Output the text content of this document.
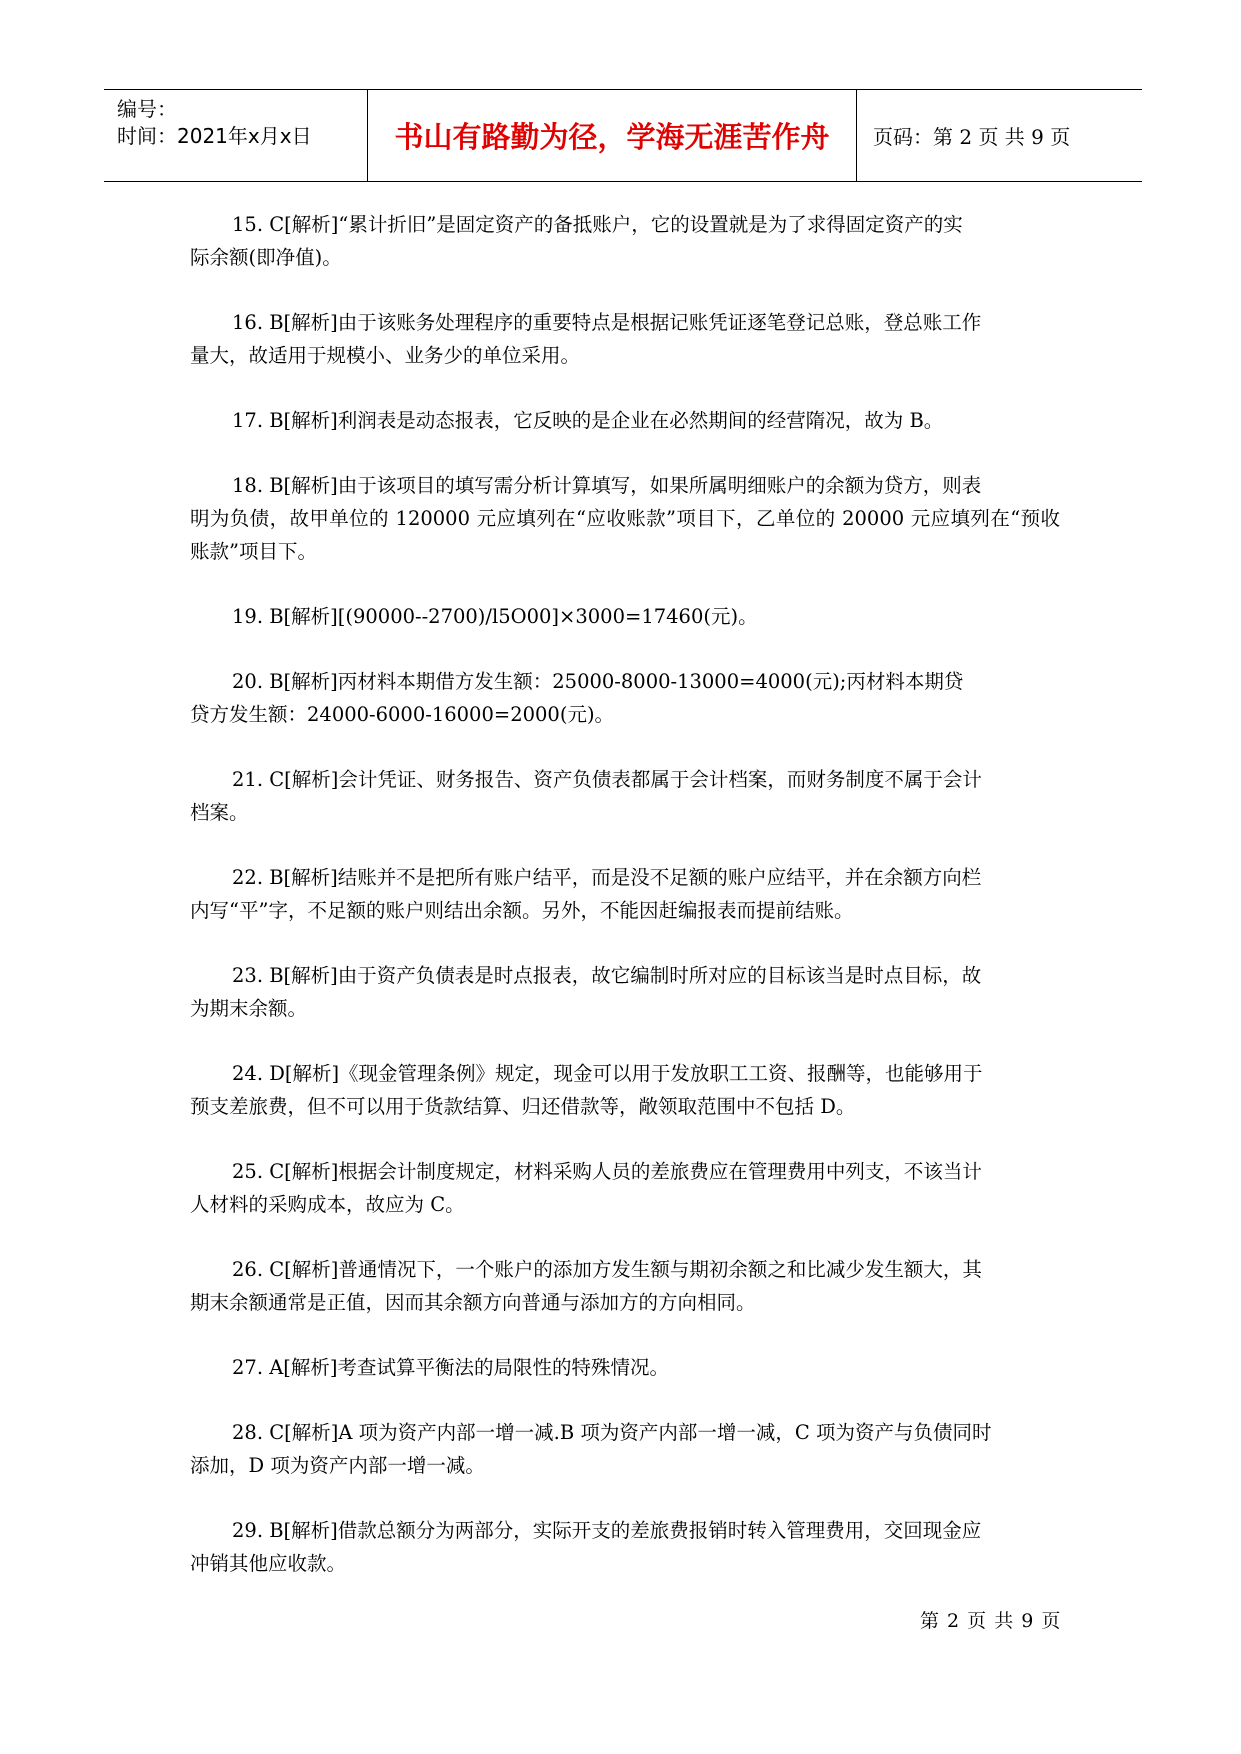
编号：
时间：2021年x月x日	书山有路勤为径，学海无涯苦作舟	页码：第 2 页 共 9 页
15. C[解析]“累计折旧”是固定资产的备抵账户，它的设置就是为了求得固定资产的实
际余额(即净值)。
16. B[解析]由于该账务处理程序的重要特点是根据记账凭证逐笔登记总账，登总账工作
量大，故适用于规模小、业务少的单位采用。
17. B[解析]利润表是动态报表，它反映的是企业在必然期间的经营隋况，故为 B。
18. B[解析]由于该项目的填写需分析计算填写，如果所属明细账户的余额为贷方，则表
明为负债，故甲单位的 120000 元应填列在“应收账款”项目下，乙单位的 20000 元应填列在“预收账款”项目下。
19. B[解析][(90000--2700)/l5O00]×3000=17460(元)。
20. B[解析]丙材料本期借方发生额：25000-8000-13000=4000(元);丙材料本期贷
贷方发生额：24000-6000-16000=2000(元)。
21. C[解析]会计凭证、财务报告、资产负债表都属于会计档案，而财务制度不属于会计
档案。
22. B[解析]结账并不是把所有账户结平，而是没不足额的账户应结平，并在余额方向栏
内写“平”字，不足额的账户则结出余额。另外，不能因赶编报表而提前结账。
23. B[解析]由于资产负债表是时点报表，故它编制时所对应的目标该当是时点目标，故
为期末余额。
24. D[解析]《现金管理条例》规定，现金可以用于发放职工工资、报酬等，也能够用于
预支差旅费，但不可以用于货款结算、归还借款等，敞领取范围中不包括 D。
25. C[解析]根据会计制度规定，材料采购人员的差旅费应在管理费用中列支，不该当计
人材料的采购成本，故应为 C。
26. C[解析]普通情况下，一个账户的添加方发生额与期初余额之和比减少发生额大，其
期末余额通常是正值，因而其余额方向普通与添加方的方向相同。
27. A[解析]考查试算平衡法的局限性的特殊情况。
28. C[解析]A 项为资产内部一增一减.B 项为资产内部一增一减，C 项为资产与负债同时
添加，D 项为资产内部一增一减。
29. B[解析]借款总额分为两部分，实际开支的差旅费报销时转入管理费用，交回现金应
冲销其他应收款。
第 2 页 共 9 页
